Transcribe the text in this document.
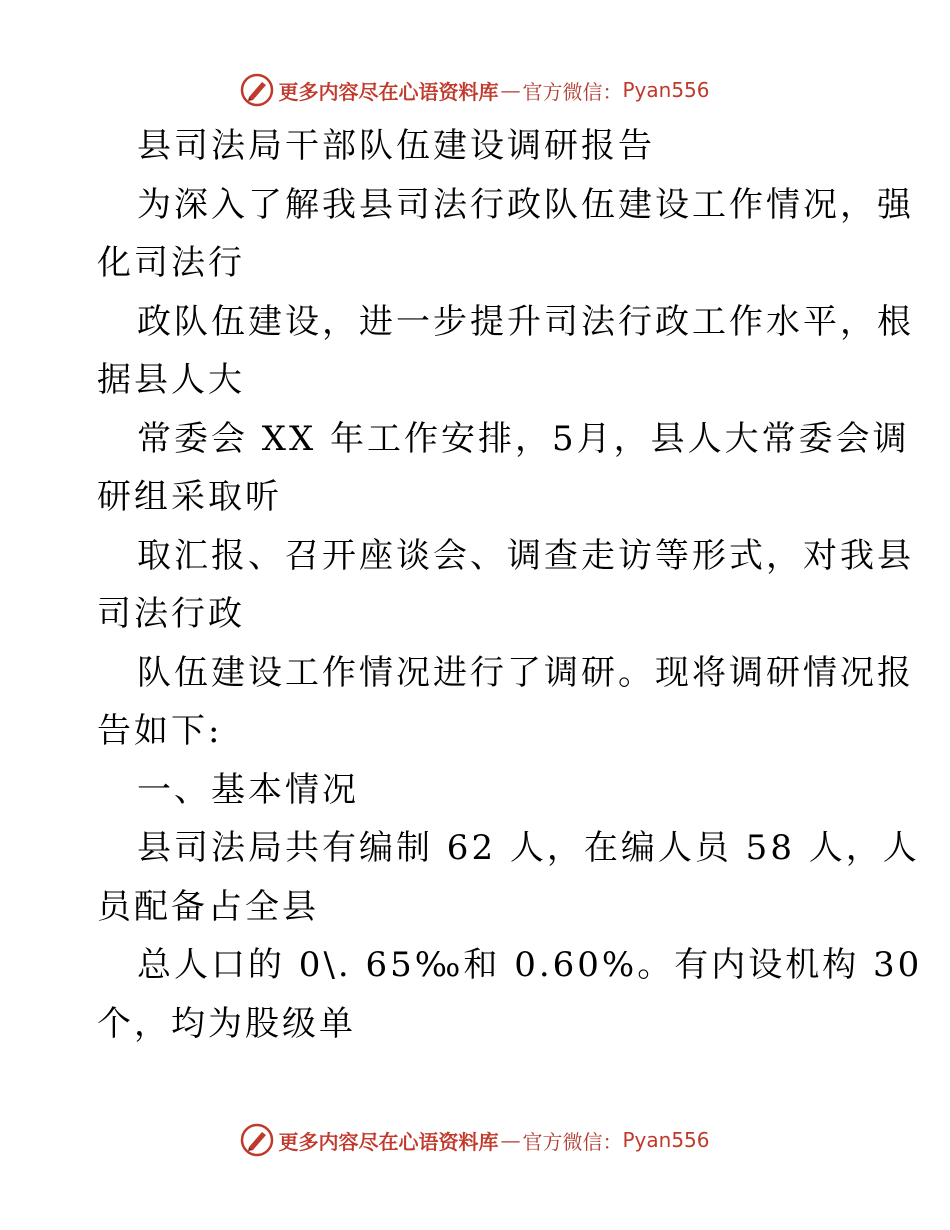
更多内容尽在心语资料库 — 官方微信： Pyan556
县司法局干部队伍建设调研报告
为深入了解我县司法行政队伍建设工作情况，强
化司法行
政队伍建设，进一步提升司法行政工作水平，根
据县人大
常委会 XX 年工作安排，5月，县人大常委会调
研组采取听
取汇报、召开座谈会、调查走访等形式，对我县
司法行政
队伍建设工作情况进行了调研。现将调研情况报
告如下:
一、基本情况
县司法局共有编制 62 人，在编人员 58 人，人
员配备占全县
总人口的 0\. 65‰和 0.60%。有内设机构 30
个，均为股级单
更多内容尽在心语资料库 — 官方微信： Pyan556
